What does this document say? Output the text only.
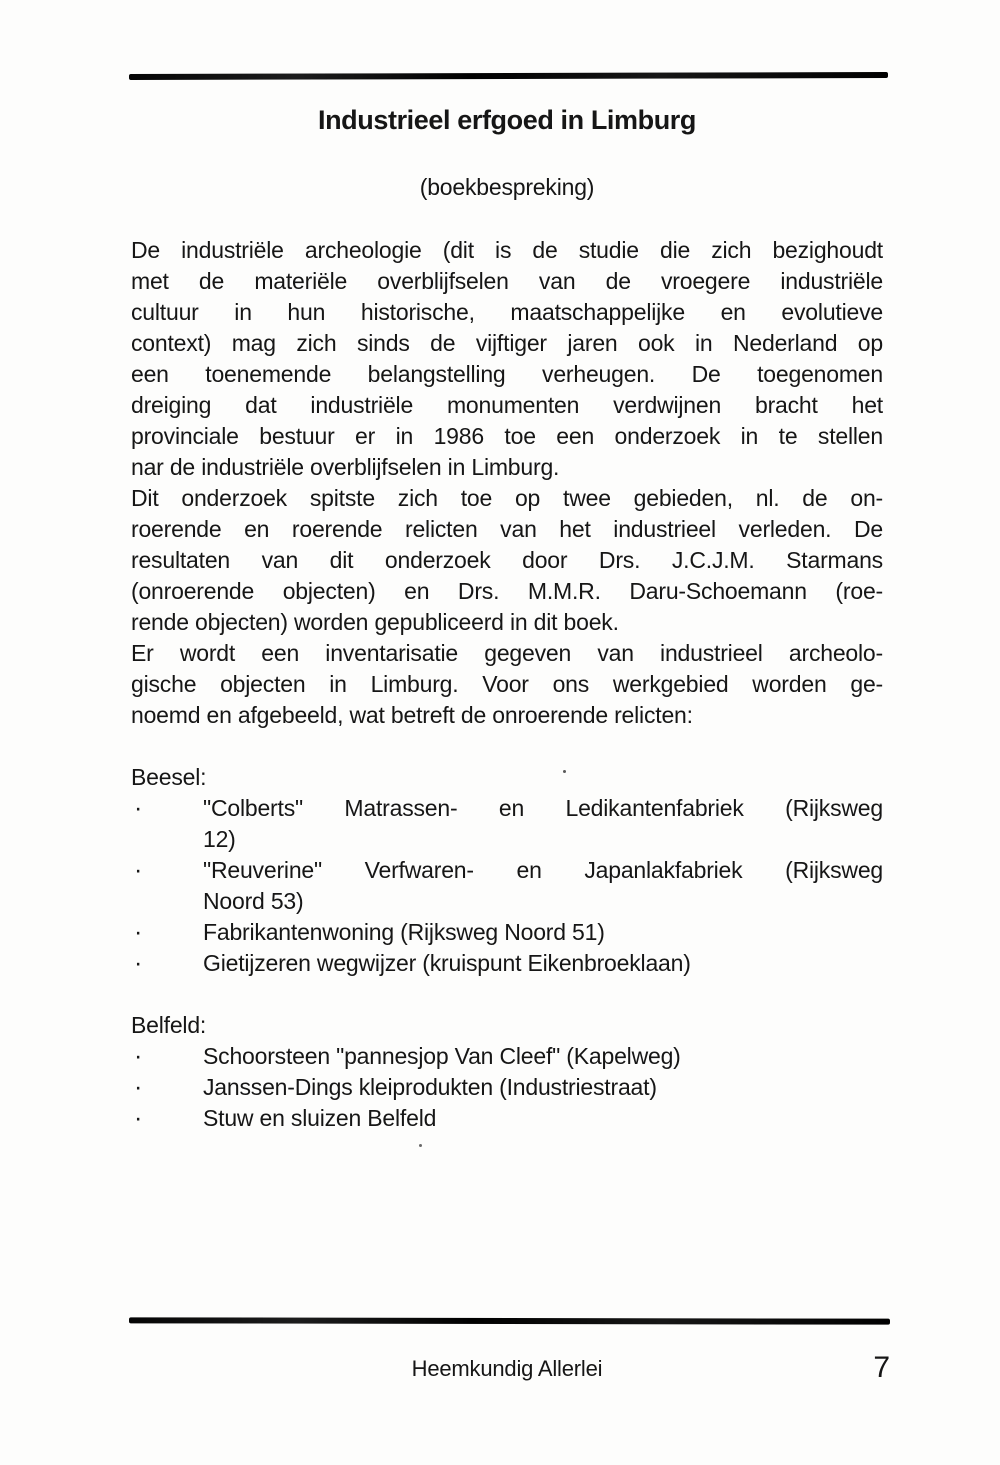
Industrieel erfgoed in Limburg
(boekbespreking)
De industriële archeologie (dit is de studie die zich bezighoudt
met de materiële overblijfselen van de vroegere industriële
cultuur in hun historische, maatschappelijke en evolutieve
context) mag zich sinds de vijftiger jaren ook in Nederland op
een toenemende belangstelling verheugen. De toegenomen
dreiging dat industriële monumenten verdwijnen bracht het
provinciale bestuur er in 1986 toe een onderzoek in te stellen
nar de industriële overblijfselen in Limburg.
Dit onderzoek spitste zich toe op twee gebieden, nl. de on-
roerende en roerende relicten van het industrieel verleden. De
resultaten van dit onderzoek door Drs. J.C.J.M. Starmans
(onroerende objecten) en Drs. M.M.R. Daru-Schoemann (roe-
rende objecten) worden gepubliceerd in dit boek.
Er wordt een inventarisatie gegeven van industrieel archeolo-
gische objecten in Limburg. Voor ons werkgebied worden ge-
noemd en afgebeeld, wat betreft de onroerende relicten:
Beesel:
·	"Colberts" Matrassen- en Ledikantenfabriek (Rijksweg
12)
·	"Reuverine" Verfwaren- en Japanlakfabriek (Rijksweg
Noord 53)
·	Fabrikantenwoning (Rijksweg Noord 51)
·	Gietijzeren wegwijzer (kruispunt Eikenbroeklaan)
Belfeld:
·	Schoorsteen "pannesjop Van Cleef" (Kapelweg)
·	Janssen-Dings kleiprodukten (Industriestraat)
·	Stuw en sluizen Belfeld
Heemkundig Allerlei	7
